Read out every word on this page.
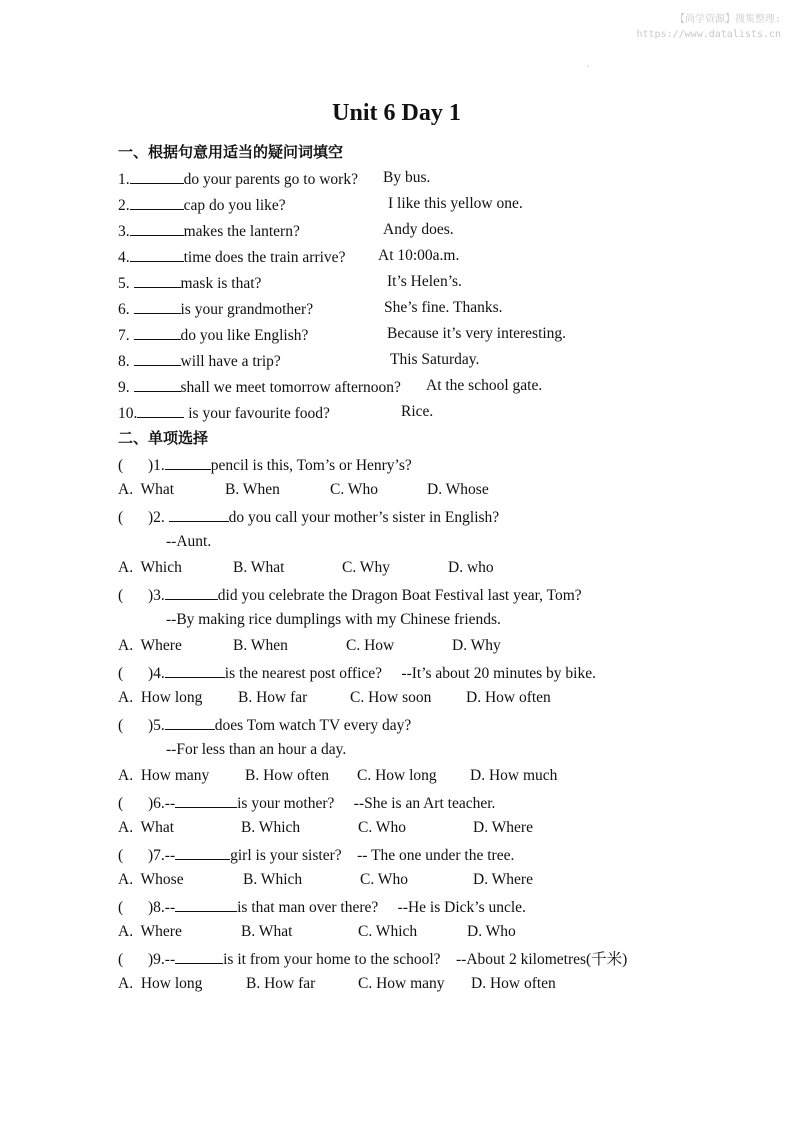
【尚学资源】搜集整理:
https://www.datalists.cn
·
Unit 6 Day 1
一、根据句意用适当的疑问词填空
1.	do your parents go to work? By bus.
2.	cap do you like?	I like this yellow one.
3.	makes the lantern?	Andy does.
4.	time does the train arrive? At 10:00a.m.
5.	mask is that?	It’s Helen’s.
6.	is your grandmother?	She’s fine. Thanks.
7.	do you like English?	Because it’s very interesting.
8.	will have a trip?	This Saturday.
9.	shall we meet tomorrow afternoon? At the school gate.
10.	is your favourite food?	Rice.
二、单项选择
( )1.	pencil is this, Tom’s or Henry’s?
A.  What	B. When	C. Who	D. Whose
( )2.	do you call your mother’s sister in English?
--Aunt.
A.  Which	B. What	C. Why	D. who
( )3.	did you celebrate the Dragon Boat Festival last year, Tom?
--By making rice dumplings with my Chinese friends.
A.  Where	B. When	C. How	D. Why
( )4.	is the nearest post office?     --It’s about 20 minutes by bike.
A.  How long B. How far	C. How soon D. How often
( )5.	does Tom watch TV every day?
--For less than an hour a day.
A.  How many B. How often C. How long D. How much
( )6.--	is your mother?     --She is an Art teacher.
A.  What	B. Which	C. Who	D. Where
( )7.--	girl is your sister?    -- The one under the tree.
A.  Whose	B. Which	C. Who	D. Where
( )8.--	is that man over there?     --He is Dick’s uncle.
A.  Where	B. What	C. Which	D. Who
( )9.--	is it from your home to the school?    --About 2 kilometres(千米)
A.  How long	B. How far	C. How many D. How often
